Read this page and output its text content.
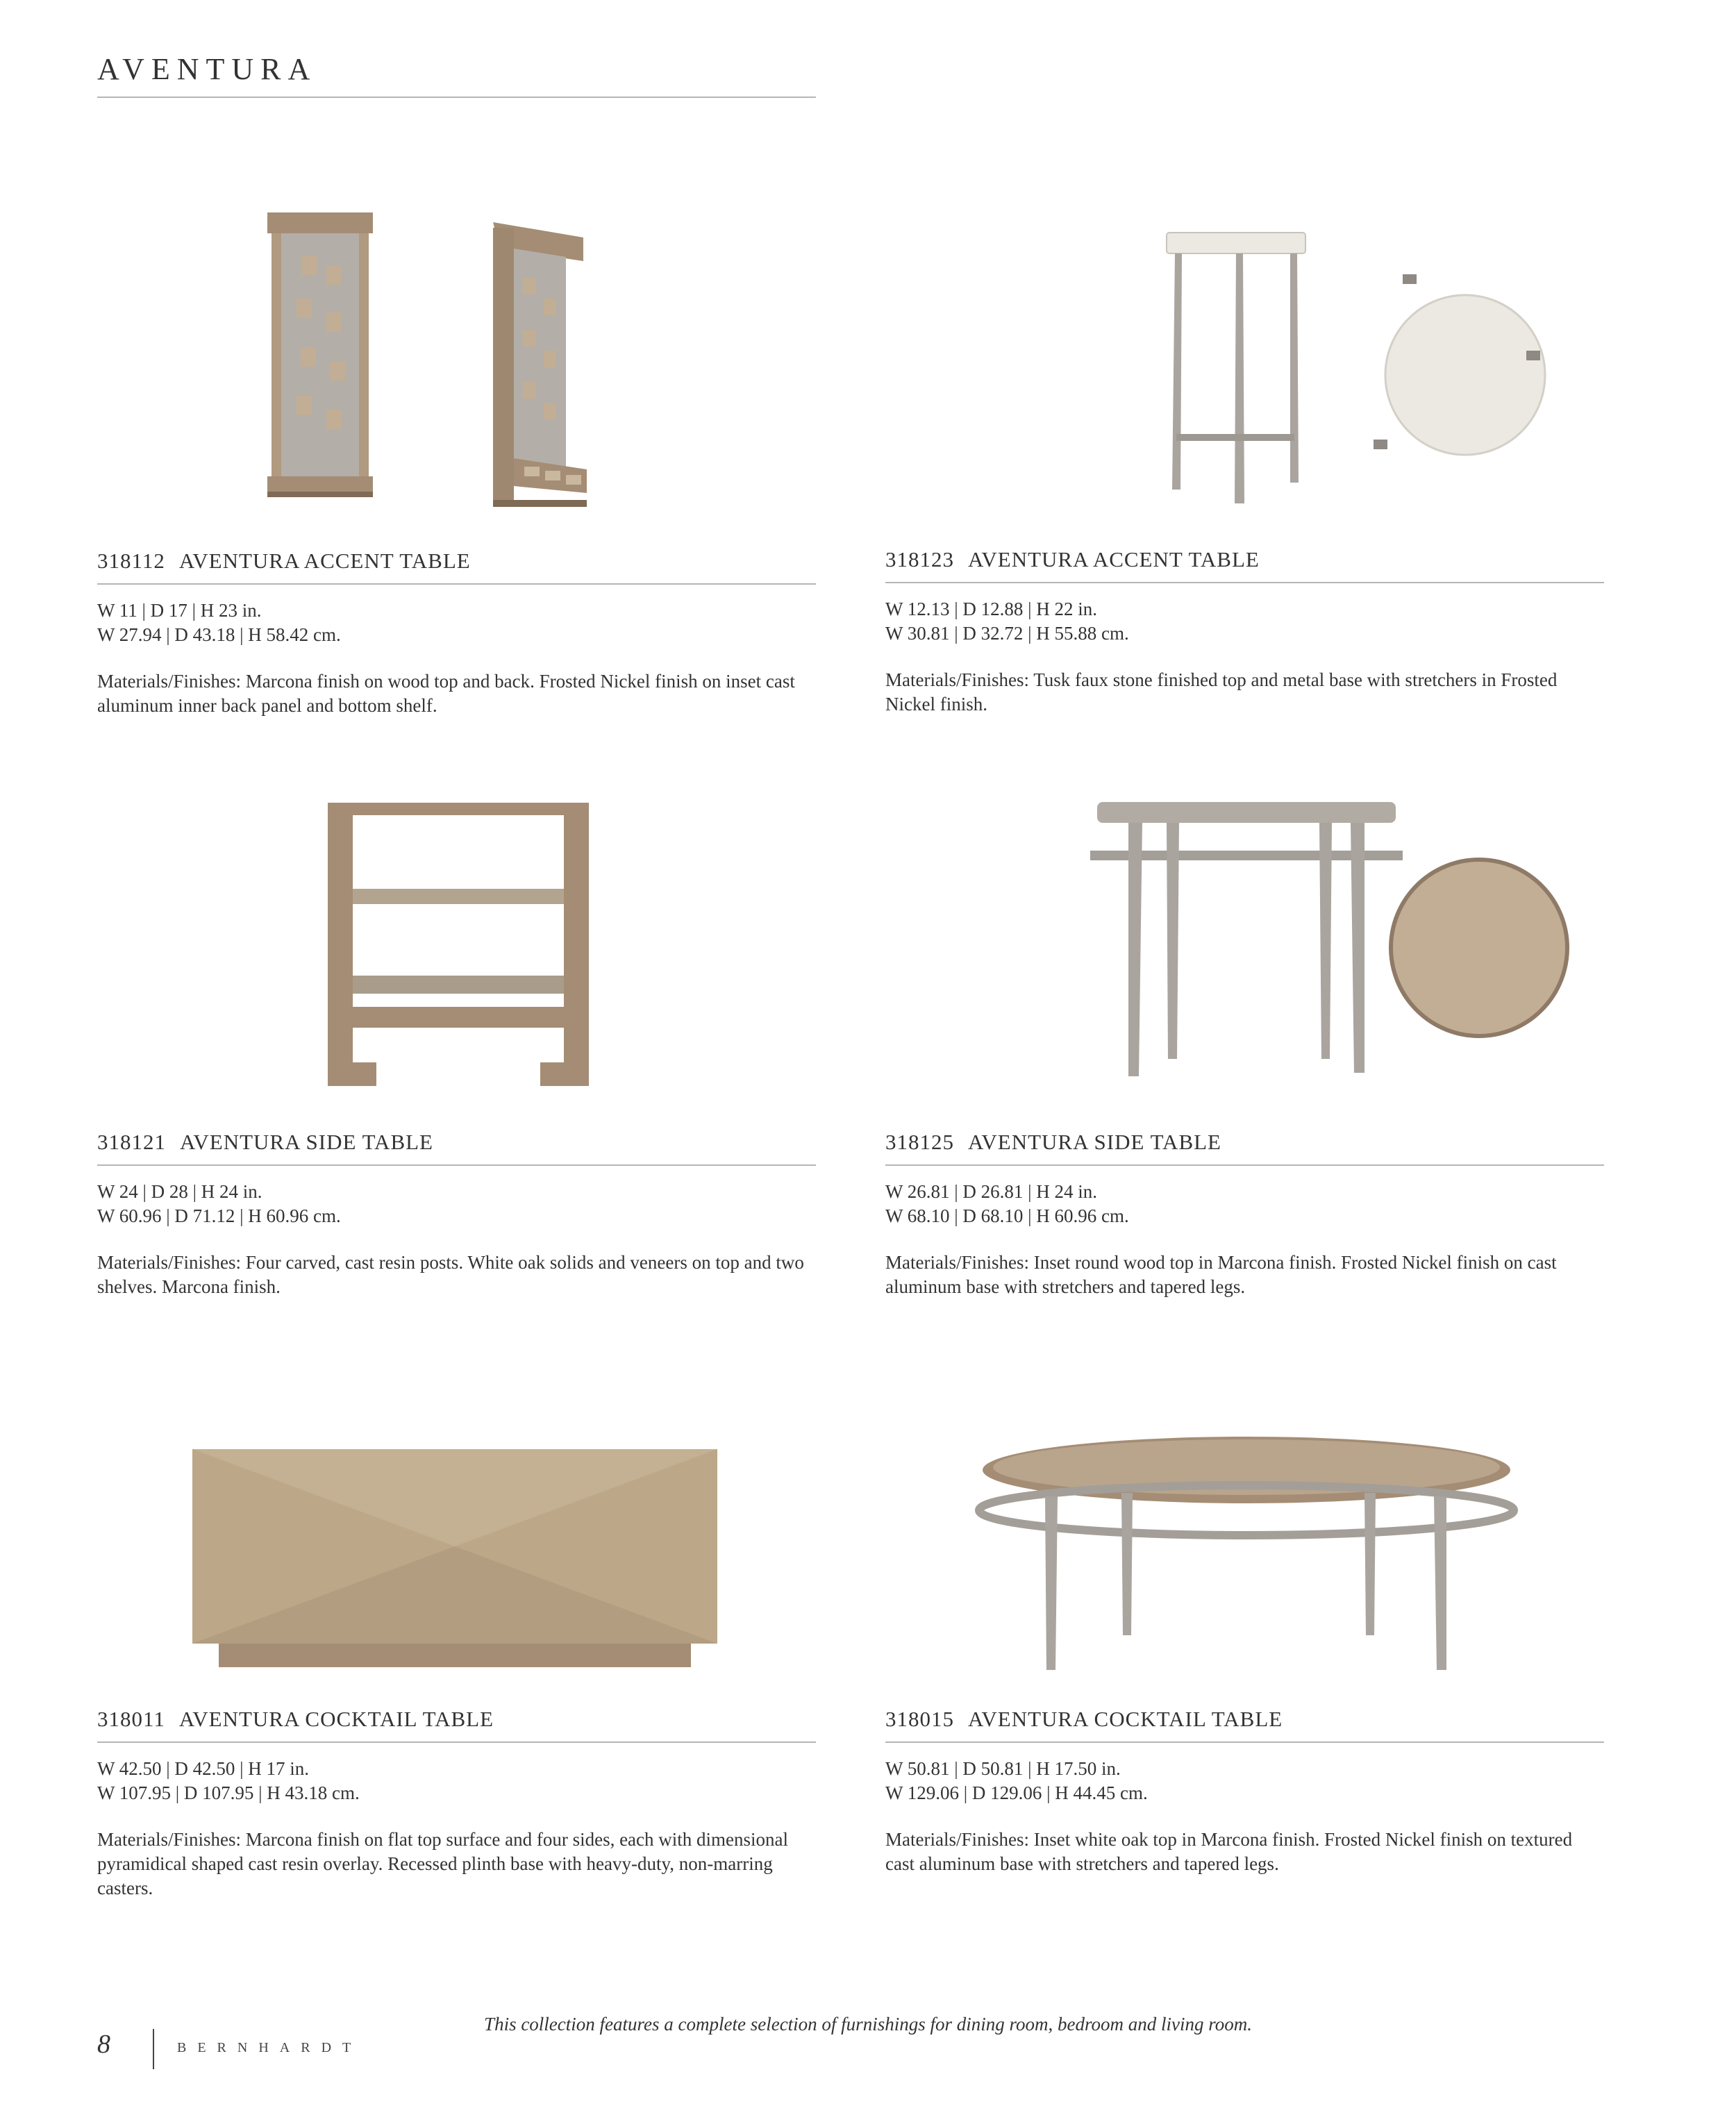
AVENTURA
318112 AVENTURA ACCENT TABLE
W 11 | D 17 | H 23 in.
W 27.94 | D 43.18 | H 58.42 cm.
Materials/Finishes: Marcona finish on wood top and back. Frosted Nickel finish on inset cast aluminum inner back panel and bottom shelf.
318123 AVENTURA ACCENT TABLE
W 12.13 | D 12.88 | H 22 in.
W 30.81 | D 32.72 | H 55.88 cm.
Materials/Finishes: Tusk faux stone finished top and metal base with stretchers in Frosted Nickel finish.
318121 AVENTURA SIDE TABLE
W 24 | D 28 | H 24 in.
W 60.96 | D 71.12 | H 60.96 cm.
Materials/Finishes: Four carved, cast resin posts. White oak solids and veneers on top and two shelves. Marcona finish.
318125 AVENTURA SIDE TABLE
W 26.81 | D 26.81 | H 24 in.
W 68.10 | D 68.10 | H 60.96 cm.
Materials/Finishes: Inset round wood top in Marcona finish. Frosted Nickel finish on cast aluminum base with stretchers and tapered legs.
318011 AVENTURA COCKTAIL TABLE
W 42.50 | D 42.50 | H 17 in.
W 107.95 | D 107.95 | H 43.18 cm.
Materials/Finishes: Marcona finish on flat top surface and four sides, each with dimensional pyramidical shaped cast resin overlay. Recessed plinth base with heavy-duty, non-marring casters.
318015 AVENTURA COCKTAIL TABLE
W 50.81 | D 50.81 | H 17.50 in.
W 129.06 | D 129.06 | H 44.45 cm.
Materials/Finishes: Inset white oak top in Marcona finish. Frosted Nickel finish on textured cast aluminum base with stretchers and tapered legs.
This collection features a complete selection of furnishings for dining room, bedroom and living room.
8	BERNHARDT
